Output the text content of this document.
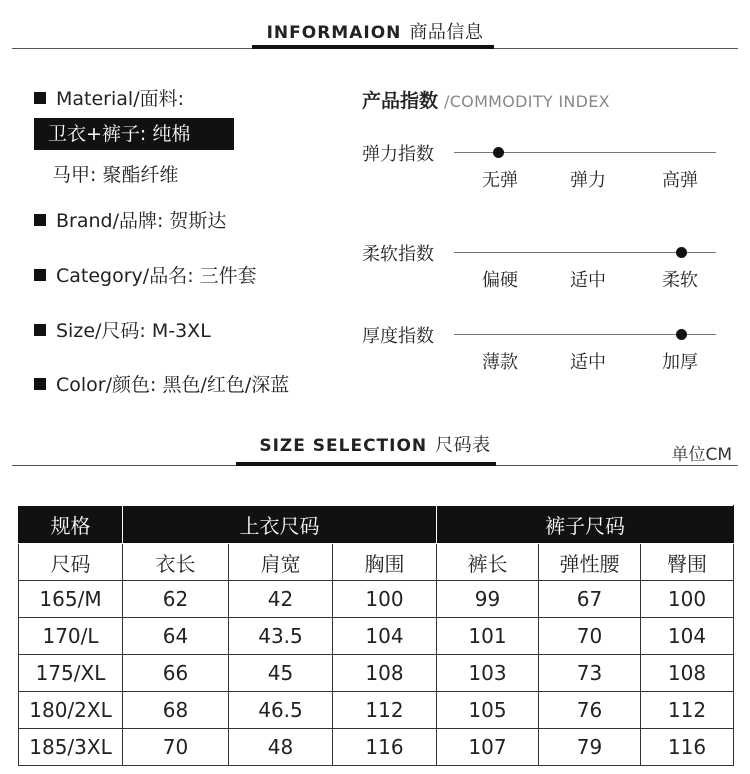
INFORMAION 商品信息
Material/面料:
卫衣+裤子: 纯棉
马甲: 聚酯纤维
Brand/品牌: 贺斯达
Category/品名: 三件套
Size/尺码: M-3XL
Color/颜色: 黑色/红色/深蓝
产品指数 /COMMODITY INDEX
弹力指数
无弹	弹力	高弹
柔软指数
偏硬	适中	柔软
厚度指数
薄款	适中	加厚
SIZE SELECTION 尺码表	单位CM
规格	上衣尺码			裤子尺码		
尺码	衣长	肩宽	胸围	裤长	弹性腰	臀围
165/M	62	42	100	99	67	100
170/L	64	43.5	104	101	70	104
175/XL	66	45	108	103	73	108
180/2XL	68	46.5	112	105	76	112
185/3XL	70	48	116	107	79	116
